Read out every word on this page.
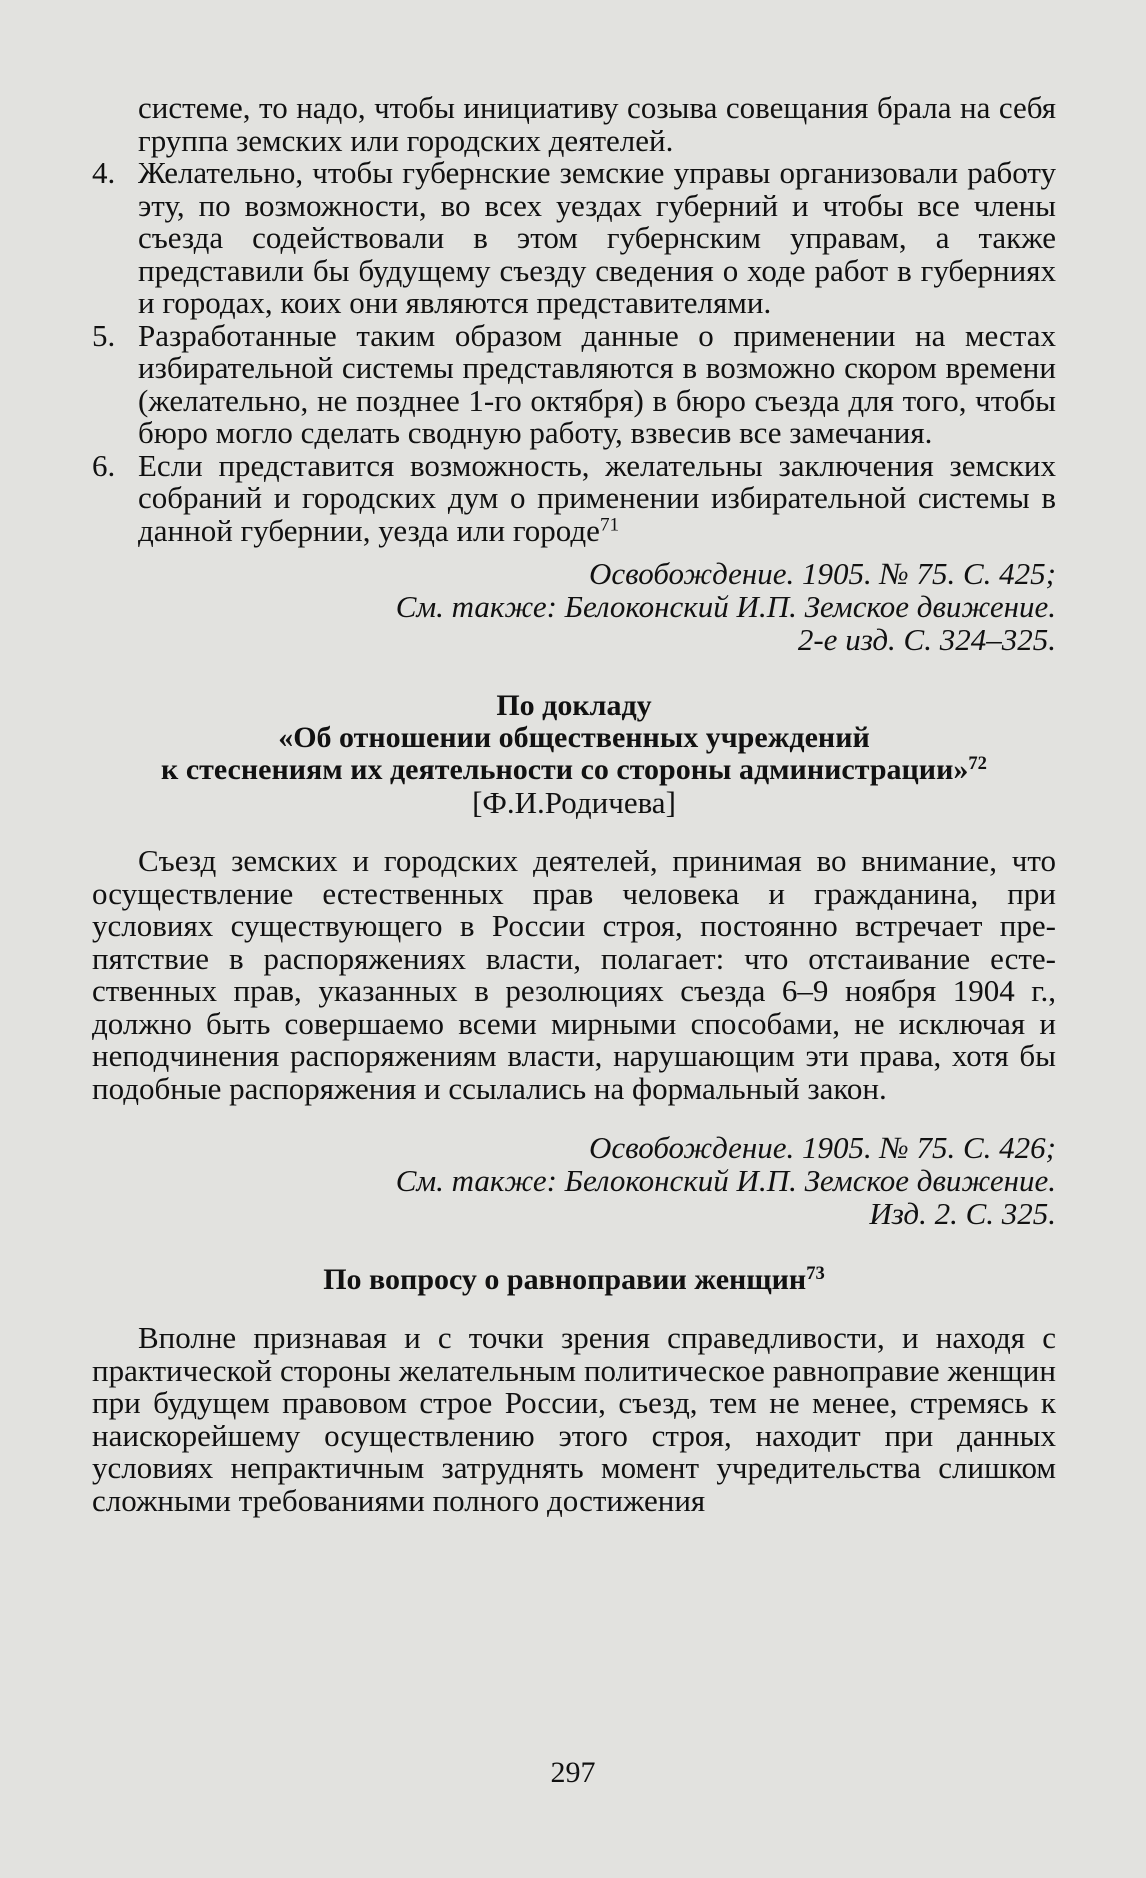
системе, то надо, чтобы инициативу созыва совещания брала на себя группа земских или городских деятелей.
4. Желательно, чтобы губернские земские управы организовали работу эту, по возможности, во всех уездах губерний и чтобы все члены съезда содействовали в этом губернским управам, а также представили бы будущему съезду сведения о ходе работ в губерниях и городах, коих они являются представителями.
5. Разработанные таким образом данные о применении на местах избирательной системы представляются в возможно скором времени (желательно, не позднее 1-го октября) в бюро съезда для того, чтобы бюро могло сделать сводную работу, взвесив все замечания.
6. Если представится возможность, желательны заключения земских собраний и городских дум о применении избирательной системы в данной губернии, уезда или городе$^{71}$
Освобождение. 1905. № 75. С. 425;
См. также: Белоконский И.П. Земское движение.
2-е изд. С. 324–325.
По докладу
«Об отношении общественных учреждений
к стеснениям их деятельности со стороны администрации»$^{72}$
[Ф.И.Родичева]
Съезд земских и городских деятелей, принимая во внимание, что осуществление естественных прав человека и гражданина, при условиях существующего в России строя, постоянно встречает препятствие в распоряжениях власти, полагает: что отстаивание естественных прав, указанных в резолюциях съезда 6–9 ноября 1904 г., должно быть совершаемо всеми мирными способами, не исключая и неподчинения распоряжениям власти, нарушающим эти права, хотя бы подобные распоряжения и ссылались на формальный закон.
Освобождение. 1905. № 75. С. 426;
См. также: Белоконский И.П. Земское движение.
Изд. 2. С. 325.
По вопросу о равноправии женщин$^{73}$
Вполне признавая и с точки зрения справедливости, и находя с практической стороны желательным политическое равноправие женщин при будущем правовом строе России, съезд, тем не менее, стремясь к наискорейшему осуществлению этого строя, находит при данных условиях непрактичным затруднять момент учредительства слишком сложными требованиями полного достижения
297
